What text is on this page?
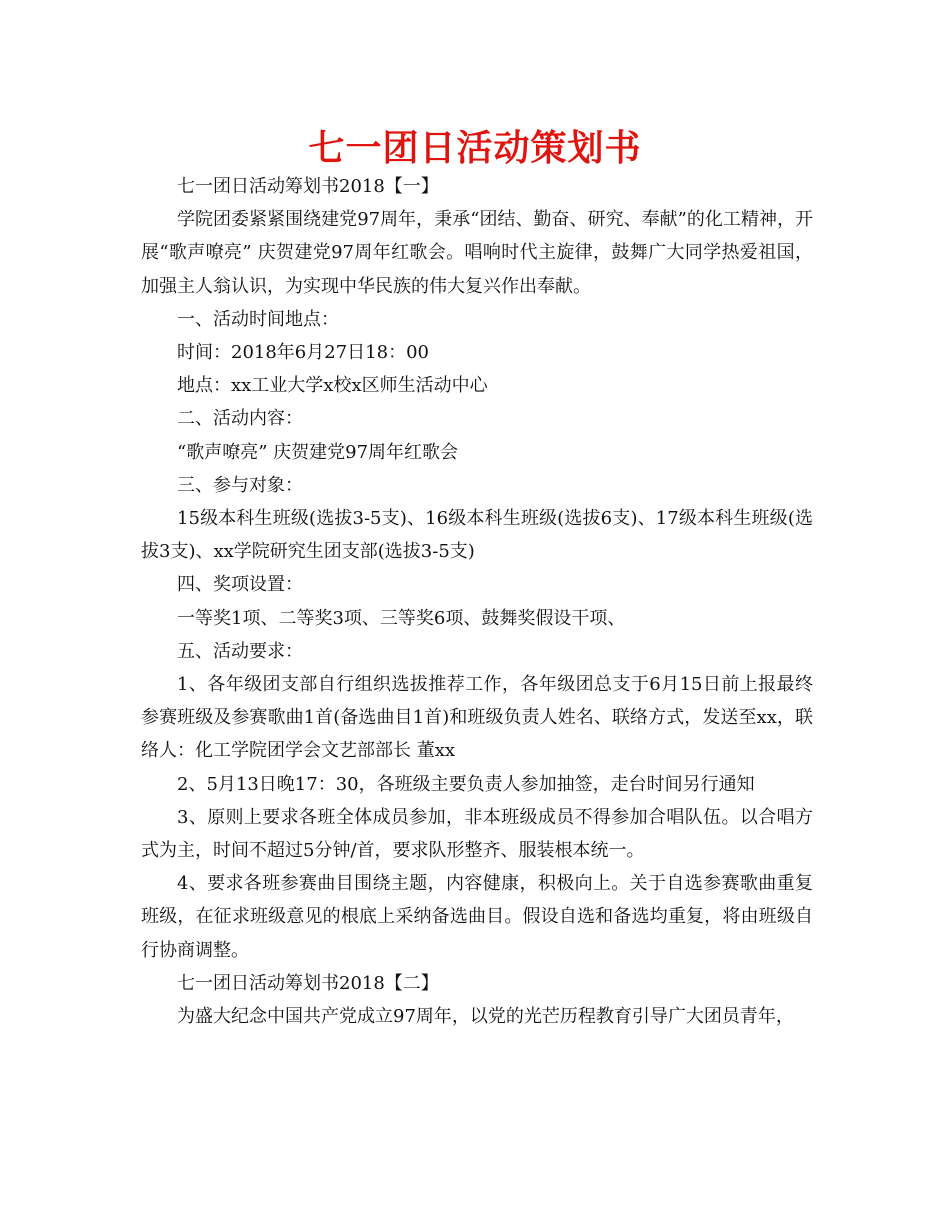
七一团日活动策划书

七一团日活动筹划书2018【一】

学院团委紧紧围绕建党97周年，秉承“团结、勤奋、研究、奉献”的化工精神，开展“歌声嘹亮” 庆贺建党97周年红歌会。唱响时代主旋律，鼓舞广大同学热爱祖国，加强主人翁认识，为实现中华民族的伟大复兴作出奉献。

一、活动时间地点：

时间：2018年6月27日18：00

地点：xx工业大学x校x区师生活动中心

二、活动内容：

“歌声嘹亮” 庆贺建党97周年红歌会

三、参与对象：

15级本科生班级(选拔3-5支)、16级本科生班级(选拔6支)、17级本科生班级(选拔3支)、xx学院研究生团支部(选拔3-5支)

四、奖项设置：

一等奖1项、二等奖3项、三等奖6项、鼓舞奖假设干项、

五、活动要求：

1、各年级团支部自行组织选拔推荐工作，各年级团总支于6月15日前上报最终参赛班级及参赛歌曲1首(备选曲目1首)和班级负责人姓名、联络方式，发送至xx，联络人：化工学院团学会文艺部部长 董xx

2、5月13日晚17：30，各班级主要负责人参加抽签，走台时间另行通知

3、原则上要求各班全体成员参加，非本班级成员不得参加合唱队伍。以合唱方式为主，时间不超过5分钟/首，要求队形整齐、服装根本统一。

4、要求各班参赛曲目围绕主题，内容健康，积极向上。关于自选参赛歌曲重复班级，在征求班级意见的根底上采纳备选曲目。假设自选和备选均重复，将由班级自行协商调整。

七一团日活动筹划书2018【二】

为盛大纪念中国共产党成立97周年，以党的光芒历程教育引导广大团员青年，
